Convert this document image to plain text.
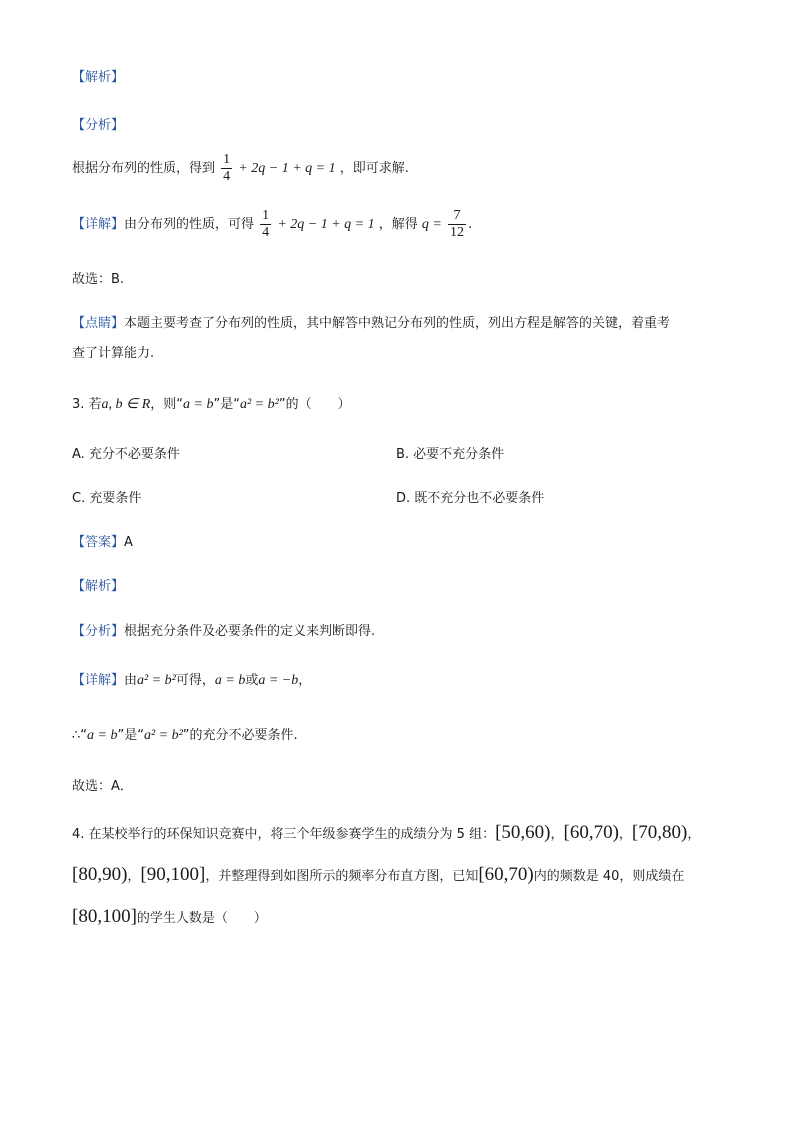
【解析】
【分析】
根据分布列的性质，得到 $\frac{1}{4} + 2q - 1 + q = 1$ ，即可求解.
【详解】由分布列的性质，可得 $\frac{1}{4} + 2q - 1 + q = 1$ ，解得 $q = \frac{7}{12}$ .
故选：B.
【点睛】本题主要考查了分布列的性质，其中解答中熟记分布列的性质，列出方程是解答的关键，着重考
查了计算能力.
3. 若a, b ∈ R，则“a = b”是“a² = b²”的（　　）
A. 充分不必要条件	B. 必要不充分条件
C. 充要条件	D. 既不充分也不必要条件
【答案】A
【解析】
【分析】根据充分条件及必要条件的定义来判断即得.
【详解】由a² = b²可得，a = b或a = −b，
∴“a = b”是“a² = b²”的充分不必要条件.
故选：A．
4. 在某校举行的环保知识竞赛中，将三个年级参赛学生的成绩分为 5 组：[50,60)，[60,70)，[70,80)，
[80,90)，[90,100]，并整理得到如图所示的频率分布直方图，已知[60,70)内的频数是 40，则成绩在
[80,100]的学生人数是（　　）
